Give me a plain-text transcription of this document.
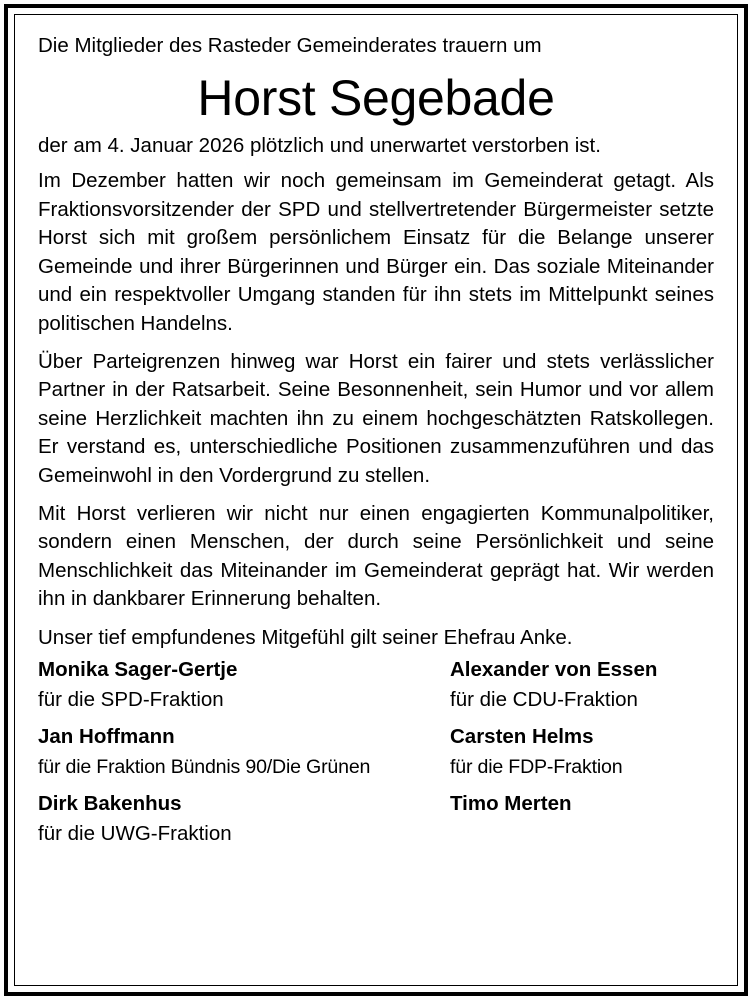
Die Mitglieder des Rasteder Gemeinderates trauern um

Horst Segebade

der am 4. Januar 2026 plötzlich und unerwartet verstorben ist.

Im Dezember hatten wir noch gemeinsam im Gemeinderat getagt. Als Fraktionsvorsitzender der SPD und stellvertretender Bürgermeister setzte Horst sich mit großem persönlichem Einsatz für die Belange unserer Gemeinde und ihrer Bürgerinnen und Bürger ein. Das soziale Miteinander und ein respektvoller Umgang standen für ihn stets im Mittelpunkt seines politischen Handelns.

Über Parteigrenzen hinweg war Horst ein fairer und stets verlässlicher Partner in der Ratsarbeit. Seine Besonnenheit, sein Humor und vor allem seine Herzlichkeit machten ihn zu einem hochgeschätzten Ratskollegen. Er verstand es, unterschiedliche Positionen zusammenzuführen und das Gemeinwohl in den Vordergrund zu stellen.

Mit Horst verlieren wir nicht nur einen engagierten Kommunalpolitiker, sondern einen Menschen, der durch seine Persönlichkeit und seine Menschlichkeit das Miteinander im Gemeinderat geprägt hat. Wir werden ihn in dankbarer Erinnerung behalten.

Unser tief empfundenes Mitgefühl gilt seiner Ehefrau Anke.

Monika Sager-Gertje
für die SPD-Fraktion
Alexander von Essen
für die CDU-Fraktion
Jan Hoffmann
für die Fraktion Bündnis 90/Die Grünen
Carsten Helms
für die FDP-Fraktion
Dirk Bakenhus
für die UWG-Fraktion
Timo Merten
